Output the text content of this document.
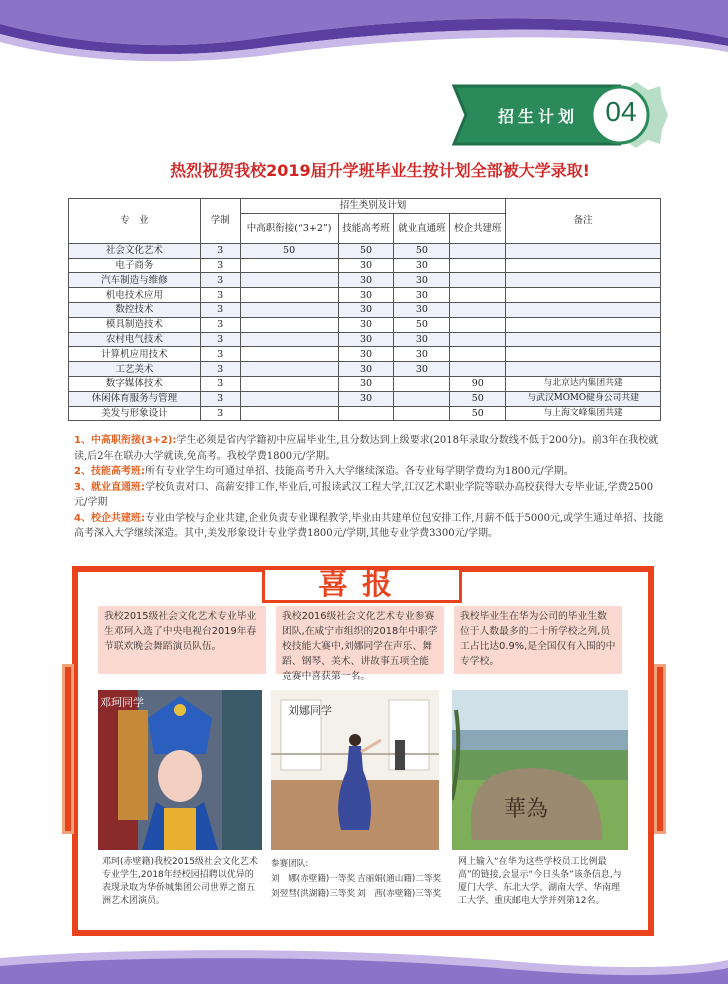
招生计划 04
热烈祝贺我校2019届升学班毕业生按计划全部被大学录取!
专　业	学制	招生类别及计划				备注
		中高职衔接(“3+2”)	技能高考班	就业直通班	校企共建班	
社会文化艺术	3	50	50	50		
电子商务	3		30	30		
汽车制造与维修	3		30	30		
机电技术应用	3		30	30		
数控技术	3		30	30		
模具制造技术	3		30	50		
农村电气技术	3		30	30		
计算机应用技术	3		30	30		
工艺美术	3		30	30		
数字媒体技术	3		30		90	与北京达内集团共建
休闲体育服务与管理	3		30		50	与武汉MOMO健身公司共建
美发与形象设计	3				50	与上海文峰集团共建

1、中高职衔接(3+2):学生必须是省内学籍初中应届毕业生,且分数达到上级要求(2018年录取分数线不低于200分)。前3年在我校就读,后2年在联办大学就读,免高考。我校学费1800元/学期。

2、技能高考班:所有专业学生均可通过单招、技能高考升入大学继续深造。各专业每学期学费均为1800元/学期。

3、就业直通班:学校负责对口、高薪安排工作,毕业后,可报读武汉工程大学,江汉艺术职业学院等联办高校获得大专毕业证,学费2500元/学期

4、校企共建班:专业由学校与企业共建,企业负责专业课程教学,毕业由共建单位包安排工作,月薪不低于5000元,或学生通过单招、技能高考深入大学继续深造。其中,美发形象设计专业学费1800元/学期,其他专业学费3300元/学期。

喜报
我校2015级社会文化艺术专业毕业生邓珂入选了中央电视台2019年春节联欢晚会舞蹈演员队伍。
我校2016级社会文化艺术专业参赛团队,在咸宁市组织的2018年中职学校技能大赛中,刘娜同学在声乐、舞蹈、钢琴、美术、讲故事五项全能竞赛中喜获第一名。
我校毕业生在华为公司的毕业生数位于人数最多的二十所学校之列,员工占比达0.9%,是全国仅有入围的中专学校。
邓珂同学
刘娜同学
華為
邓珂(赤壁籍)我校2015级社会文化艺术专业学生,2018年经校园招聘以优异的表现录取为华侨城集团公司世界之窗五洲艺术团演员。
参赛团队:
刘　娜(赤壁籍)一等奖 吉丽娟(通山籍)二等奖
刘翌彗(洪湖籍)三等奖 刘　茜(赤壁籍)三等奖
网上输入“在华为这些学校员工比例最高”的链接,会显示“今日头条”该条信息,与厦门大学、东北大学、湖南大学、华南理工大学、重庆邮电大学并列第12名。
